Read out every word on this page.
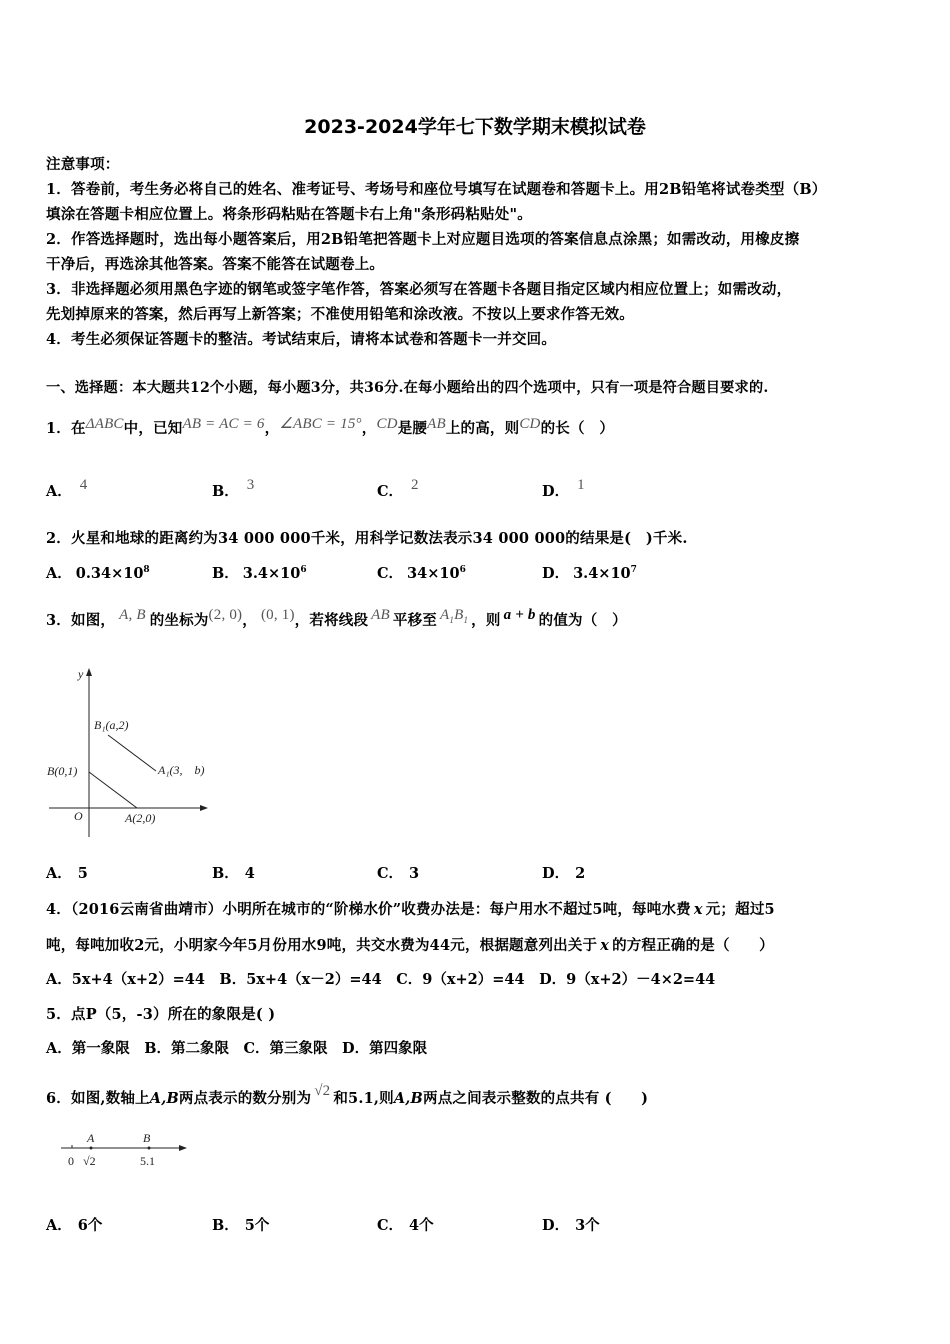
2023-2024学年七下数学期末模拟试卷
注意事项：
1．答卷前，考生务必将自己的姓名、准考证号、考场号和座位号填写在试题卷和答题卡上。用2B铅笔将试卷类型（B）
填涂在答题卡相应位置上。将条形码粘贴在答题卡右上角"条形码粘贴处"。
2．作答选择题时，选出每小题答案后，用2B铅笔把答题卡上对应题目选项的答案信息点涂黑；如需改动，用橡皮擦
干净后，再选涂其他答案。答案不能答在试题卷上。
3．非选择题必须用黑色字迹的钢笔或签字笔作答，答案必须写在答题卡各题目指定区域内相应位置上；如需改动，
先划掉原来的答案，然后再写上新答案；不准使用铅笔和涂改液。不按以上要求作答无效。
4．考生必须保证答题卡的整洁。考试结束后，请将本试卷和答题卡一并交回。
一、选择题：本大题共12个小题，每小题3分，共36分.在每小题给出的四个选项中，只有一项是符合题目要求的.
1．在ΔABC中，已知AB = AC = 6，∠ABC = 15°，CD是腰AB上的高，则CD的长（　）
A． 4	B． 3	C． 2	D． 1
2．火星和地球的距离约为34 000 000千米，用科学记数法表示34 000 000的结果是(　)千米.
A． $0.34\times 10^8$	B． $3.4\times 10^6$	C． $34\times 10^6$	D． $3.4\times 10^7$
3．如图， A, B 的坐标为(2, 0)， (0, 1)，若将线段 AB 平移至 $A_1B_1$ ，则 a + b 的值为（　）
y
O
B₁(a,2)
A₁(3,　b)
B(0,1)
A(2,0)
A． 5	B． 4	C． 3	D． 2
4．（2016云南省曲靖市）小明所在城市的“阶梯水价”收费办法是：每户用水不超过5吨，每吨水费 x 元；超过5
吨，每吨加收2元，小明家今年5月份用水9吨，共交水费为44元，根据题意列出关于 x 的方程正确的是（　　）
A．5x+4（x+2）=44　B．5x+4（x－2）=44　C．9（x+2）=44　D．9（x+2）－4×2=44
5．点P（5，-3）所在的象限是( )
A．第一象限　B．第二象限　C．第三象限　D．第四象限
6．如图,数轴上A,B两点表示的数分别为 √2 和5.1,则A,B两点之间表示整数的点共有 (　　)
A	B
0 √2	5.1
A． 6个	B． 5个	C． 4个	D． 3个
